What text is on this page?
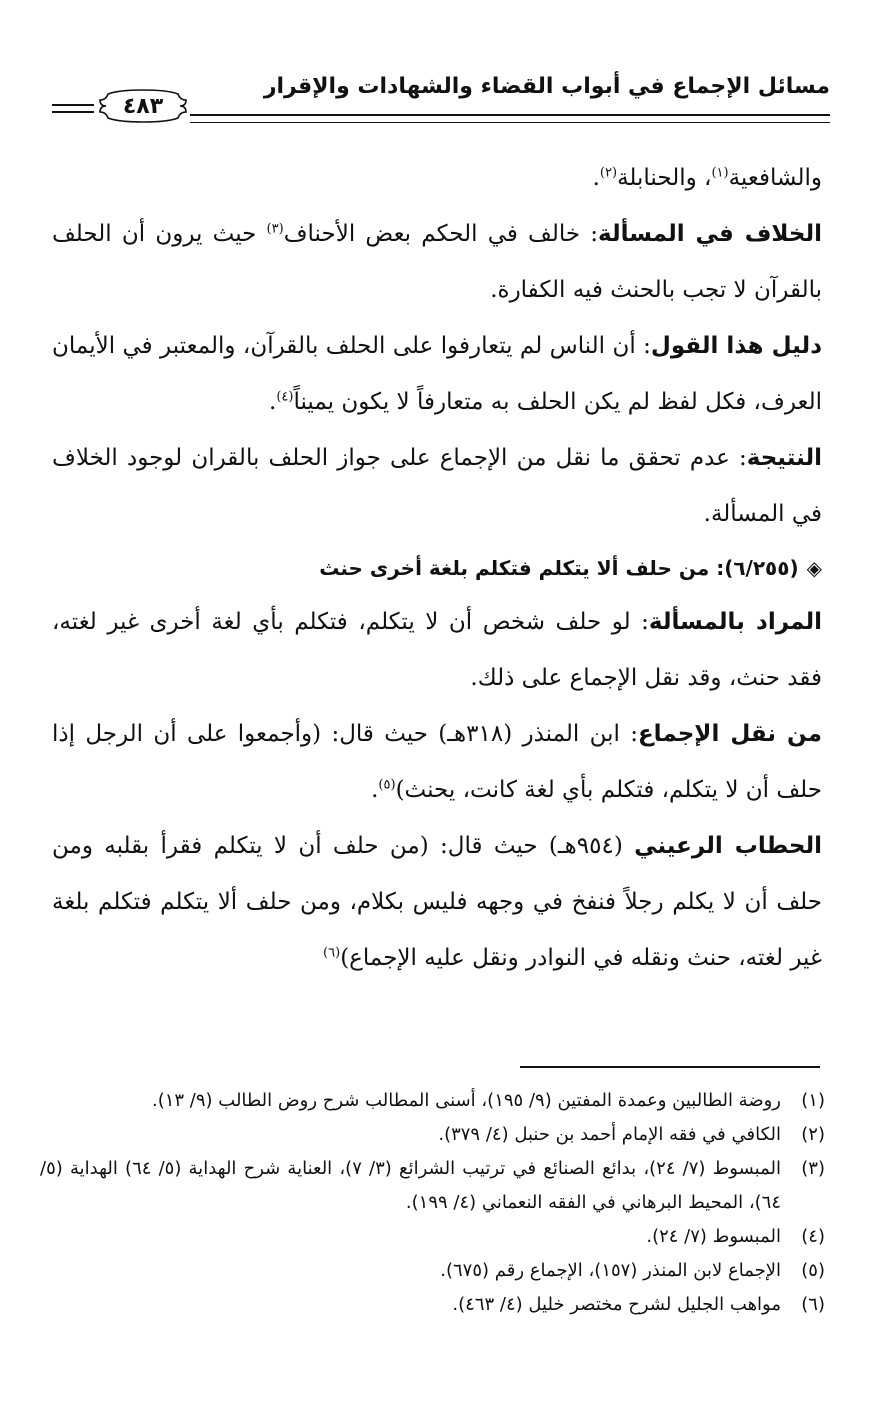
مسائل الإجماع في أبواب القضاء والشهادات والإقرار
٤٨٣

والشافعية$^{(١)}$، والحنابلة$^{(٢)}$.

الخلاف في المسألة: خالف في الحكم بعض الأحناف$^{(٣)}$ حيث يرون أن الحلف بالقرآن لا تجب بالحنث فيه الكفارة.

دليل هذا القول: أن الناس لم يتعارفوا على الحلف بالقرآن، والمعتبر في الأيمان العرف، فكل لفظ لم يكن الحلف به متعارفاً لا يكون يميناً$^{(٤)}$.

النتيجة: عدم تحقق ما نقل من الإجماع على جواز الحلف بالقران لوجود الخلاف في المسألة.

◈(٦/٢٥٥): من حلف ألا يتكلم فتكلم بلغة أخرى حنث

المراد بالمسألة: لو حلف شخص أن لا يتكلم، فتكلم بأي لغة أخرى غير لغته، فقد حنث، وقد نقل الإجماع على ذلك.

من نقل الإجماع: ابن المنذر (٣١٨هـ) حيث قال: (وأجمعوا على أن الرجل إذا حلف أن لا يتكلم، فتكلم بأي لغة كانت، يحنث)$^{(٥)}$.

الحطاب الرعيني (٩٥٤هـ) حيث قال: (من حلف أن لا يتكلم فقرأ بقلبه ومن حلف أن لا يكلم رجلاً فنفخ في وجهه فليس بكلام، ومن حلف ألا يتكلم فتكلم بلغة غير لغته، حنث ونقله في النوادر ونقل عليه الإجماع)$^{(٦)}$

(١)روضة الطالبين وعمدة المفتين (٩/ ١٩٥)، أسنى المطالب شرح روض الطالب (٩/ ١٣).

(٢)الكافي في فقه الإمام أحمد بن حنبل (٤/ ٣٧٩).

(٣)المبسوط (٧/ ٢٤)، بدائع الصنائع في ترتيب الشرائع (٣/ ٧)، العناية شرح الهداية (٥/ ٦٤) الهداية (٥/ ٦٤)، المحيط البرهاني في الفقه النعماني (٤/ ١٩٩).

(٤)المبسوط (٧/ ٢٤).

(٥)الإجماع لابن المنذر (١٥٧)، الإجماع رقم (٦٧٥).

(٦)مواهب الجليل لشرح مختصر خليل (٤/ ٤٦٣).
